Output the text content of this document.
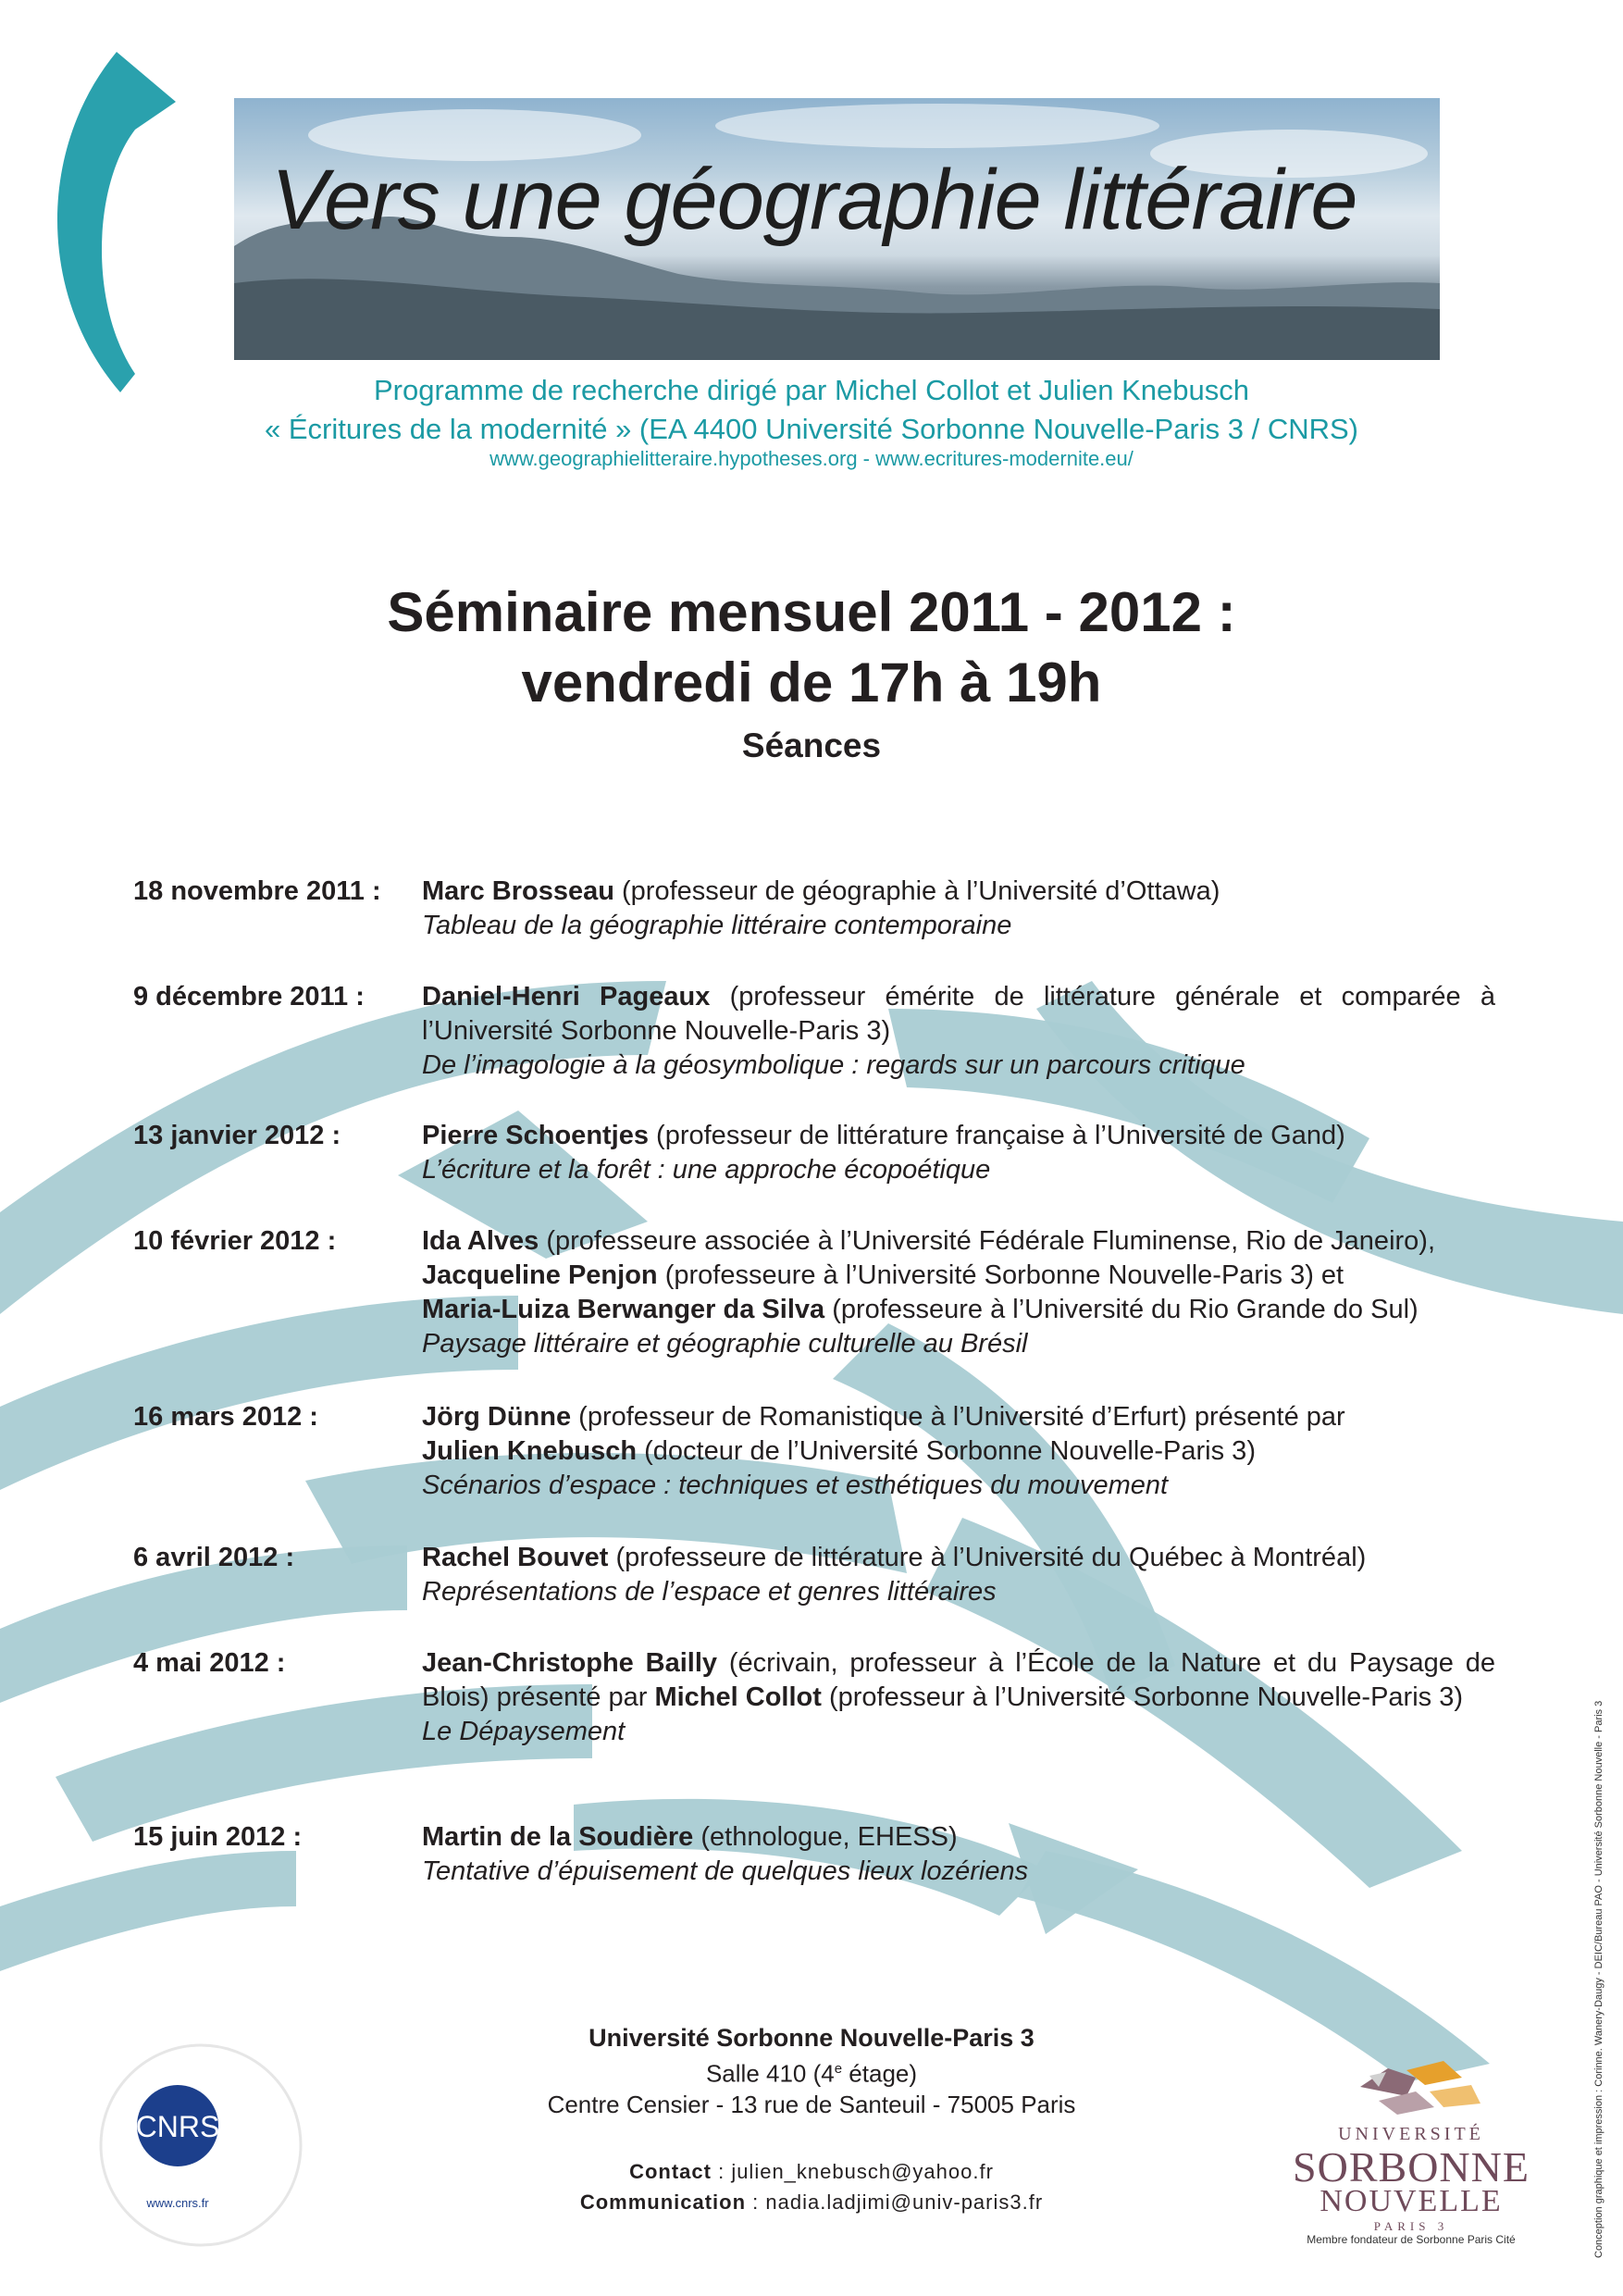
Vers une géographie littéraire
Programme de recherche dirigé par Michel Collot et Julien Knebusch
« Écritures de la modernité » (EA 4400 Université Sorbonne Nouvelle-Paris 3 / CNRS)
www.geographielitteraire.hypotheses.org - www.ecritures-modernite.eu/
Séminaire mensuel 2011 - 2012 :
vendredi de 17h à 19h
Séances
18 novembre 2011 : Marc Brosseau (professeur de géographie à l’Université d’Ottawa)
Tableau de la géographie littéraire contemporaine
9 décembre 2011 : Daniel-Henri Pageaux (professeur émérite de littérature générale et comparée à l’Université Sorbonne Nouvelle-Paris 3)
De l’imagologie à la géosymbolique : regards sur un parcours critique
13 janvier 2012 :	Pierre Schoentjes (professeur de littérature française à l’Université de Gand)
L’écriture et la forêt : une approche écopoétique
10 février 2012 :	Ida Alves (professeure associée à l’Université Fédérale Fluminense, Rio de Janeiro),
Jacqueline Penjon (professeure à l’Université Sorbonne Nouvelle-Paris 3) et
Maria-Luiza Berwanger da Silva (professeure à l’Université du Rio Grande do Sul)
Paysage littéraire et géographie culturelle au Brésil
16 mars 2012 :	Jörg Dünne (professeur de Romanistique à l’Université d’Erfurt) présenté par
Julien Knebusch (docteur de l’Université Sorbonne Nouvelle-Paris 3)
Scénarios d’espace : techniques et esthétiques du mouvement
6 avril 2012 :	Rachel Bouvet (professeure de littérature à l’Université du Québec à Montréal)
Représentations de l’espace et genres littéraires
4 mai 2012 :	Jean-Christophe Bailly (écrivain, professeur à l’École de la Nature et du Paysage de Blois) présenté par Michel Collot (professeur à l’Université Sorbonne Nouvelle-Paris 3)
Le Dépaysement
15 juin 2012 :	Martin de la Soudière (ethnologue, EHESS)
Tentative d’épuisement de quelques lieux lozériens
Université Sorbonne Nouvelle-Paris 3
Salle 410 (4e étage)
Centre Censier - 13 rue de Santeuil - 75005 Paris
Contact : julien_knebusch@yahoo.fr
Communication : nadia.ladjimi@univ-paris3.fr
CNRS
www.cnrs.fr
UNIVERSITÉ
SORBONNE
NOUVELLE
PARIS 3
Membre fondateur de Sorbonne Paris Cité	Conception graphique et impression : Corinne. Wanery-Daugy - DEIC/Bureau PAO - Université Sorbonne Nouvelle - Paris 3
